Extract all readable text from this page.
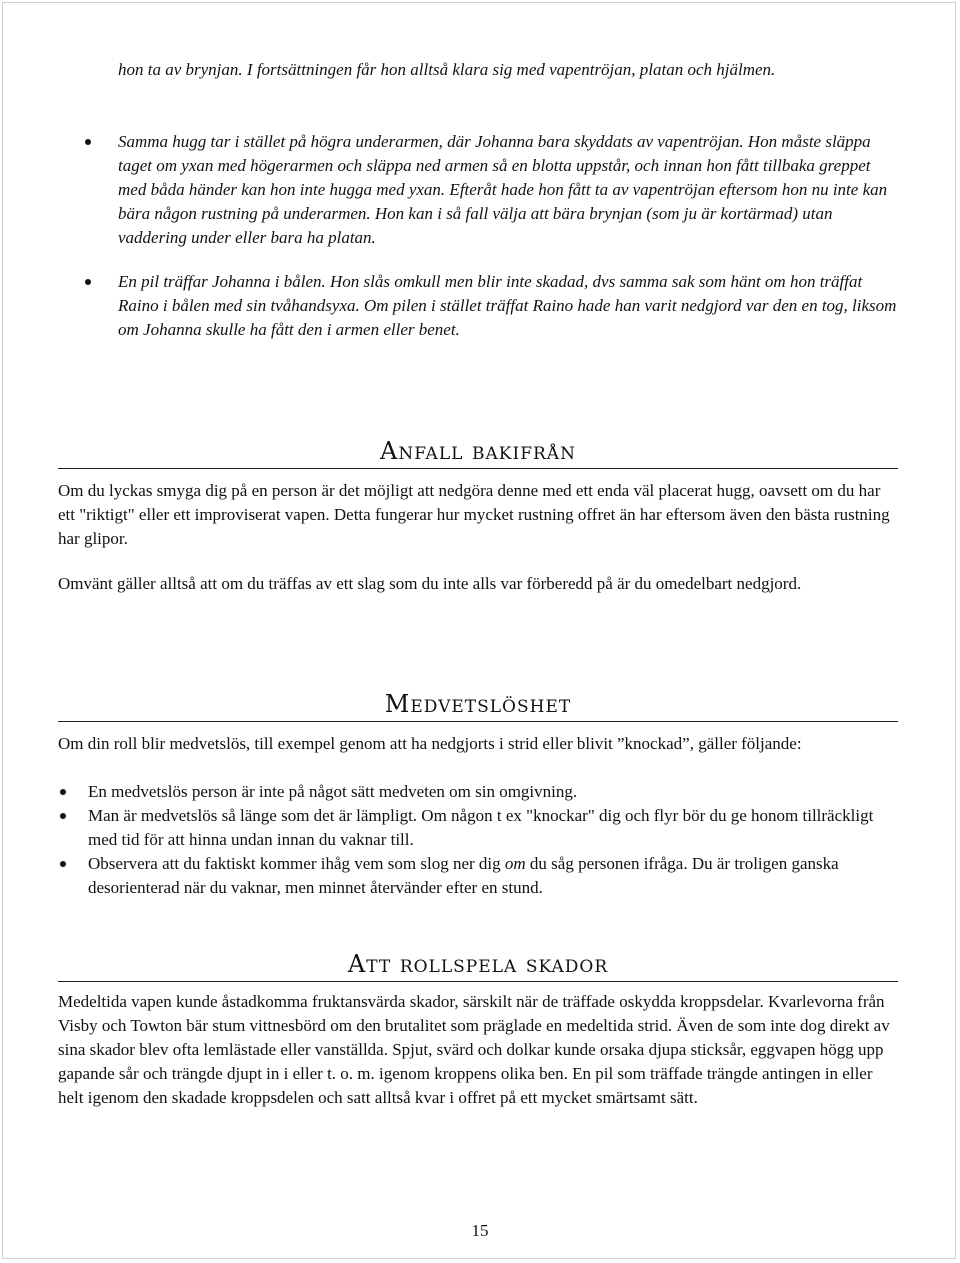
hon ta av brynjan. I fortsättningen får hon alltså klara sig med vapentröjan, platan och hjälmen.

Samma hugg tar i stället på högra underarmen, där Johanna bara skyddats av vapentröjan. Hon måste släppa taget om yxan med högerarmen och släppa ned armen så en blotta uppstår, och innan hon fått tillbaka greppet med båda händer kan hon inte hugga med yxan. Efteråt hade hon fått ta av vapentröjan eftersom hon nu inte kan bära någon rustning på underarmen. Hon kan i så fall välja att bära brynjan (som ju är kortärmad) utan vaddering under eller bara ha platan.
En pil träffar Johanna i bålen. Hon slås omkull men blir inte skadad, dvs samma sak som hänt om hon träffat Raino i bålen med sin tvåhandsyxa. Om pilen i stället träffat Raino hade han varit nedgjord var den en tog, liksom om Johanna skulle ha fått den i armen eller benet.
Anfall bakifrån

Om du lyckas smyga dig på en person är det möjligt att nedgöra denne med ett enda väl placerat hugg, oavsett om du har ett "riktigt" eller ett improviserat vapen. Detta fungerar hur mycket rustning offret än har eftersom även den bästa rustning har glipor.

Omvänt gäller alltså att om du träffas av ett slag som du inte alls var förberedd på är du omedelbart nedgjord.

Medvetslöshet

Om din roll blir medvetslös, till exempel genom att ha nedgjorts i strid eller blivit ”knockad”, gäller följande:

En medvetslös person är inte på något sätt medveten om sin omgivning.
Man är medvetslös så länge som det är lämpligt. Om någon t ex "knockar" dig och flyr bör du ge honom tillräckligt med tid för att hinna undan innan du vaknar till.
Observera att du faktiskt kommer ihåg vem som slog ner dig om du såg personen ifråga. Du är troligen ganska desorienterad när du vaknar, men minnet återvänder efter en stund.
Att rollspela skador

Medeltida vapen kunde åstadkomma fruktansvärda skador, särskilt när de träffade oskydda kroppsdelar. Kvarlevorna från Visby och Towton bär stum vittnesbörd om den brutalitet som präglade en medeltida strid. Även de som inte dog direkt av sina skador blev ofta lemlästade eller vanställda. Spjut, svärd och dolkar kunde orsaka djupa sticksår, eggvapen högg upp gapande sår och trängde djupt in i eller t. o. m. igenom kroppens olika ben. En pil som träffade trängde antingen in eller helt igenom den skadade kroppsdelen och satt alltså kvar i offret på ett mycket smärtsamt sätt.

15
